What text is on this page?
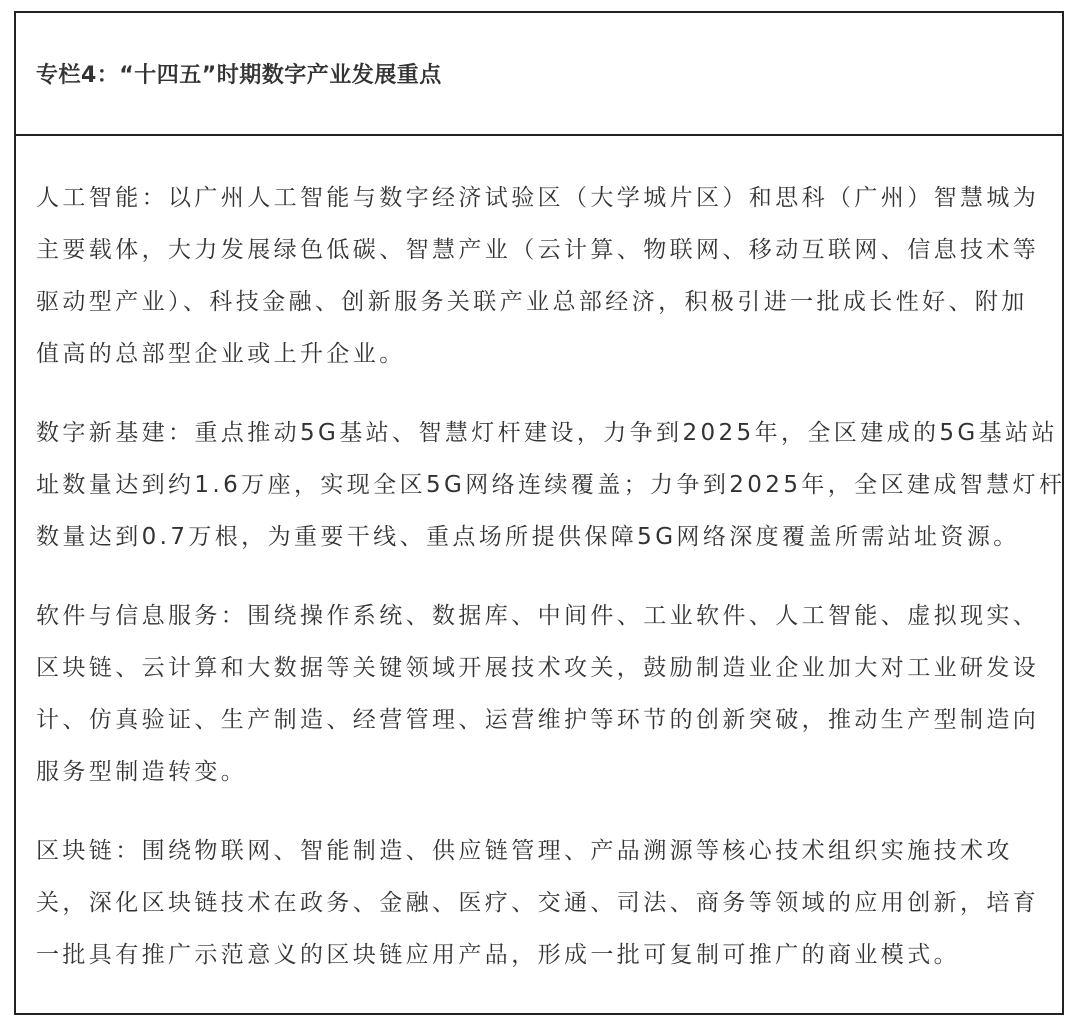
专栏4：“十四五”时期数字产业发展重点
人工智能：以广州人工智能与数字经济试验区（大学城片区）和思科（广州）智慧城为
主要载体，大力发展绿色低碳、智慧产业（云计算、物联网、移动互联网、信息技术等
驱动型产业）、科技金融、创新服务关联产业总部经济，积极引进一批成长性好、附加
值高的总部型企业或上升企业。
数字新基建：重点推动5G基站、智慧灯杆建设，力争到2025年，全区建成的5G基站站
址数量达到约1.6万座，实现全区5G网络连续覆盖；力争到2025年，全区建成智慧灯杆
数量达到0.7万根，为重要干线、重点场所提供保障5G网络深度覆盖所需站址资源。
软件与信息服务：围绕操作系统、数据库、中间件、工业软件、人工智能、虚拟现实、
区块链、云计算和大数据等关键领域开展技术攻关，鼓励制造业企业加大对工业研发设
计、仿真验证、生产制造、经营管理、运营维护等环节的创新突破，推动生产型制造向
服务型制造转变。
区块链：围绕物联网、智能制造、供应链管理、产品溯源等核心技术组织实施技术攻
关，深化区块链技术在政务、金融、医疗、交通、司法、商务等领域的应用创新，培育
一批具有推广示范意义的区块链应用产品，形成一批可复制可推广的商业模式。
